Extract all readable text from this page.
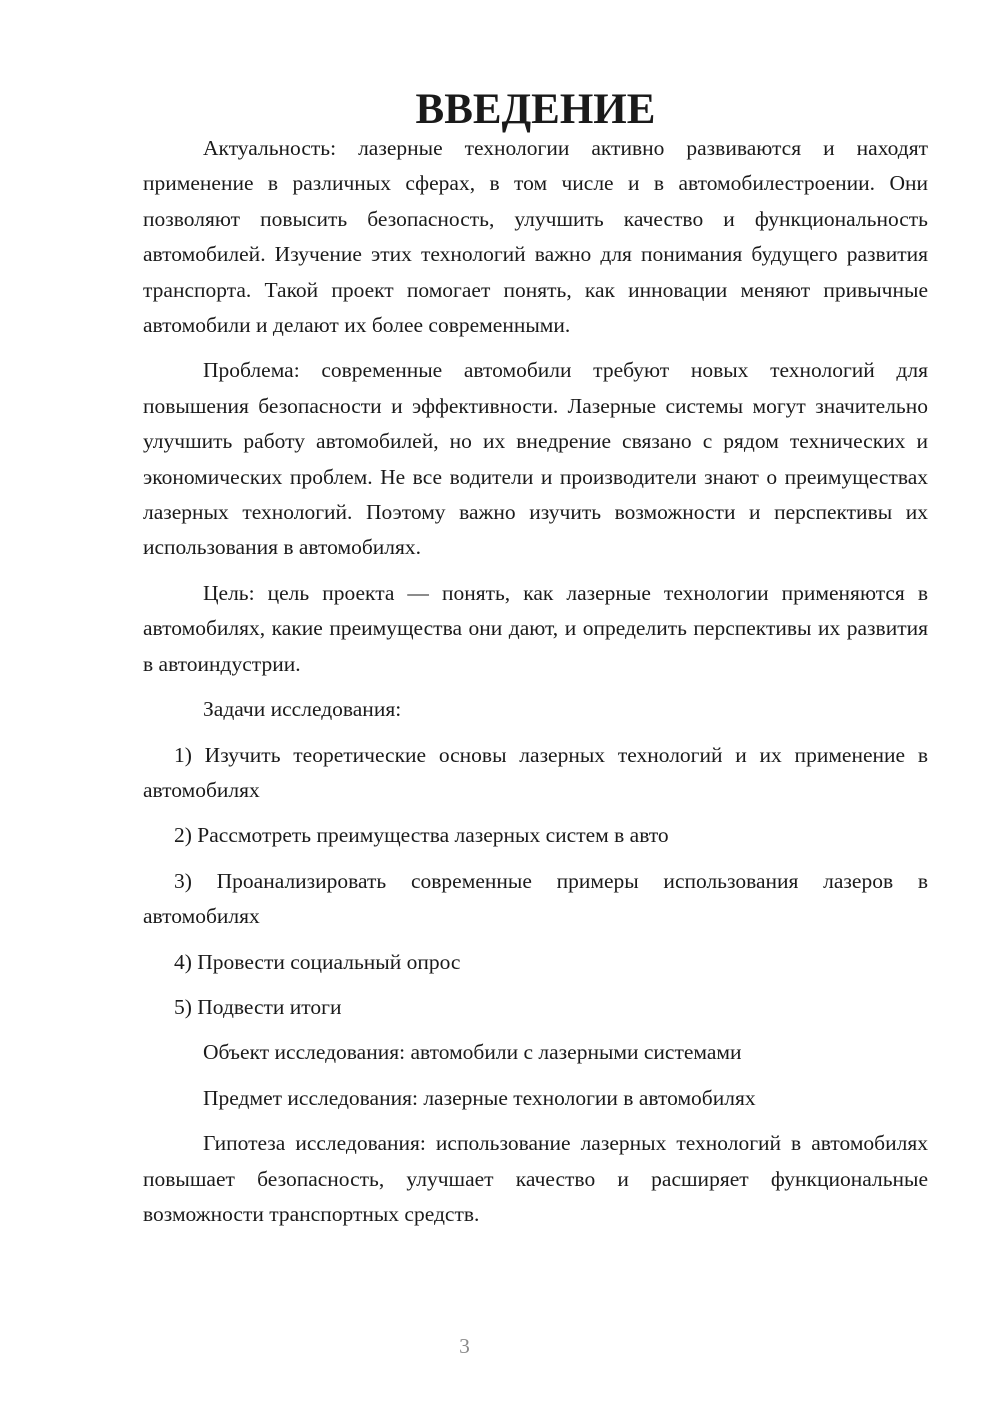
ВВЕДЕНИЕ

Актуальность: лазерные технологии активно развиваются и находят применение в различных сферах, в том числе и в автомобилестроении. Они позволяют повысить безопасность, улучшить качество и функциональность автомобилей. Изучение этих технологий важно для понимания будущего развития транспорта. Такой проект помогает понять, как инновации меняют привычные автомобили и делают их более современными.

Проблема: современные автомобили требуют новых технологий для повышения безопасности и эффективности. Лазерные системы могут значительно улучшить работу автомобилей, но их внедрение связано с рядом технических и экономических проблем. Не все водители и производители знают о преимуществах лазерных технологий. Поэтому важно изучить возможности и перспективы их использования в автомобилях.

Цель: цель проекта — понять, как лазерные технологии применяются в автомобилях, какие преимущества они дают, и определить перспективы их развития в автоиндустрии.

Задачи исследования:

1) Изучить теоретические основы лазерных технологий и их применение в автомобилях

2) Рассмотреть преимущества лазерных систем в авто

3) Проанализировать современные примеры использования лазеров в автомобилях

4) Провести социальный опрос

5) Подвести итоги

Объект исследования: автомобили с лазерными системами

Предмет исследования: лазерные технологии в автомобилях

Гипотеза исследования: использование лазерных технологий в автомобилях повышает безопасность, улучшает качество и расширяет функциональные возможности транспортных средств.

3
